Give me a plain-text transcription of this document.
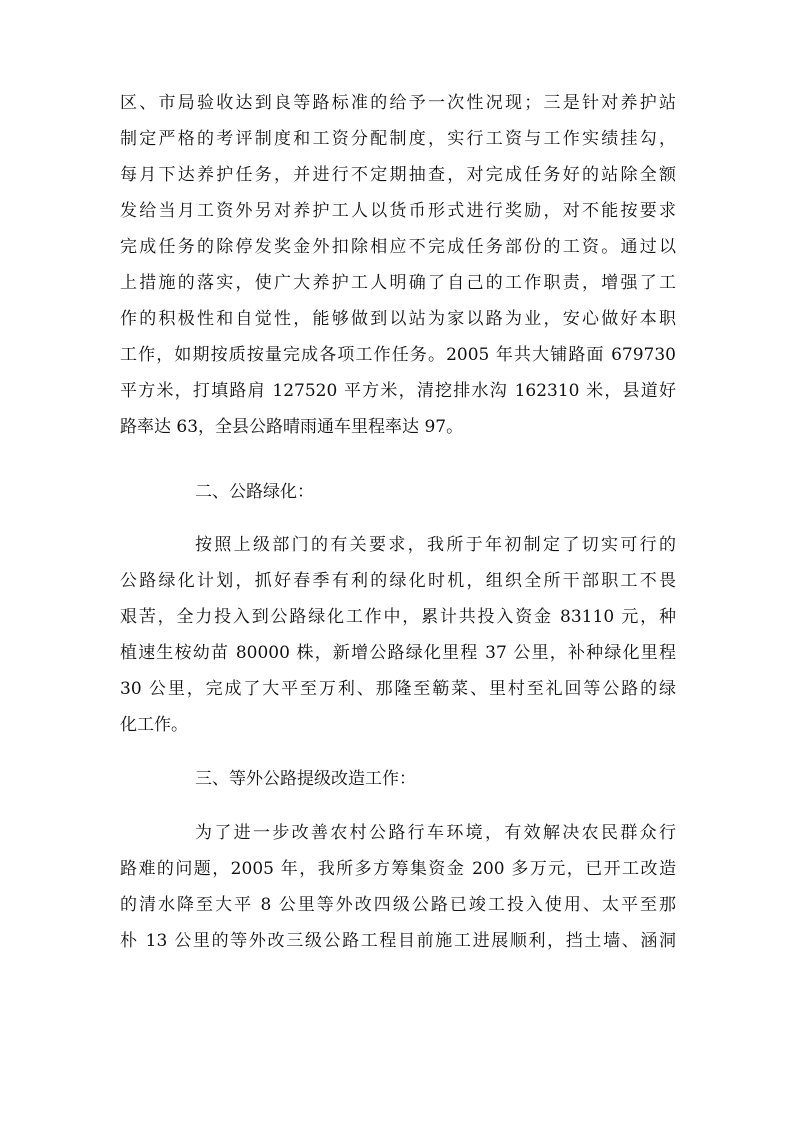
区、市局验收达到良等路标准的给予一次性况现；三是针对养护站

制定严格的考评制度和工资分配制度，实行工资与工作实绩挂勾，

每月下达养护任务，并进行不定期抽查，对完成任务好的站除全额

发给当月工资外另对养护工人以货币形式进行奖励，对不能按要求

完成任务的除停发奖金外扣除相应不完成任务部份的工资。通过以

上措施的落实，使广大养护工人明确了自己的工作职责，增强了工

作的积极性和自觉性，能够做到以站为家以路为业，安心做好本职

工作，如期按质按量完成各项工作任务。2005 年共大铺路面 679730

平方米，打填路肩 127520 平方米，清挖排水沟 162310 米，县道好

路率达 63，全县公路晴雨通车里程率达 97。

二、公路绿化：

按照上级部门的有关要求，我所于年初制定了切实可行的

公路绿化计划，抓好春季有利的绿化时机，组织全所干部职工不畏

艰苦，全力投入到公路绿化工作中，累计共投入资金 83110 元，种

植速生桉幼苗 80000 株，新增公路绿化里程 37 公里，补种绿化里程

30 公里，完成了大平至万利、那隆至簕菜、里村至礼回等公路的绿

化工作。

三、等外公路提级改造工作：

为了进一步改善农村公路行车环境，有效解决农民群众行

路难的问题，2005 年，我所多方筹集资金 200 多万元，已开工改造

的清水降至大平 8 公里等外改四级公路已竣工投入使用、太平至那

朴 13 公里的等外改三级公路工程目前施工进展顺利，挡土墙、涵洞
